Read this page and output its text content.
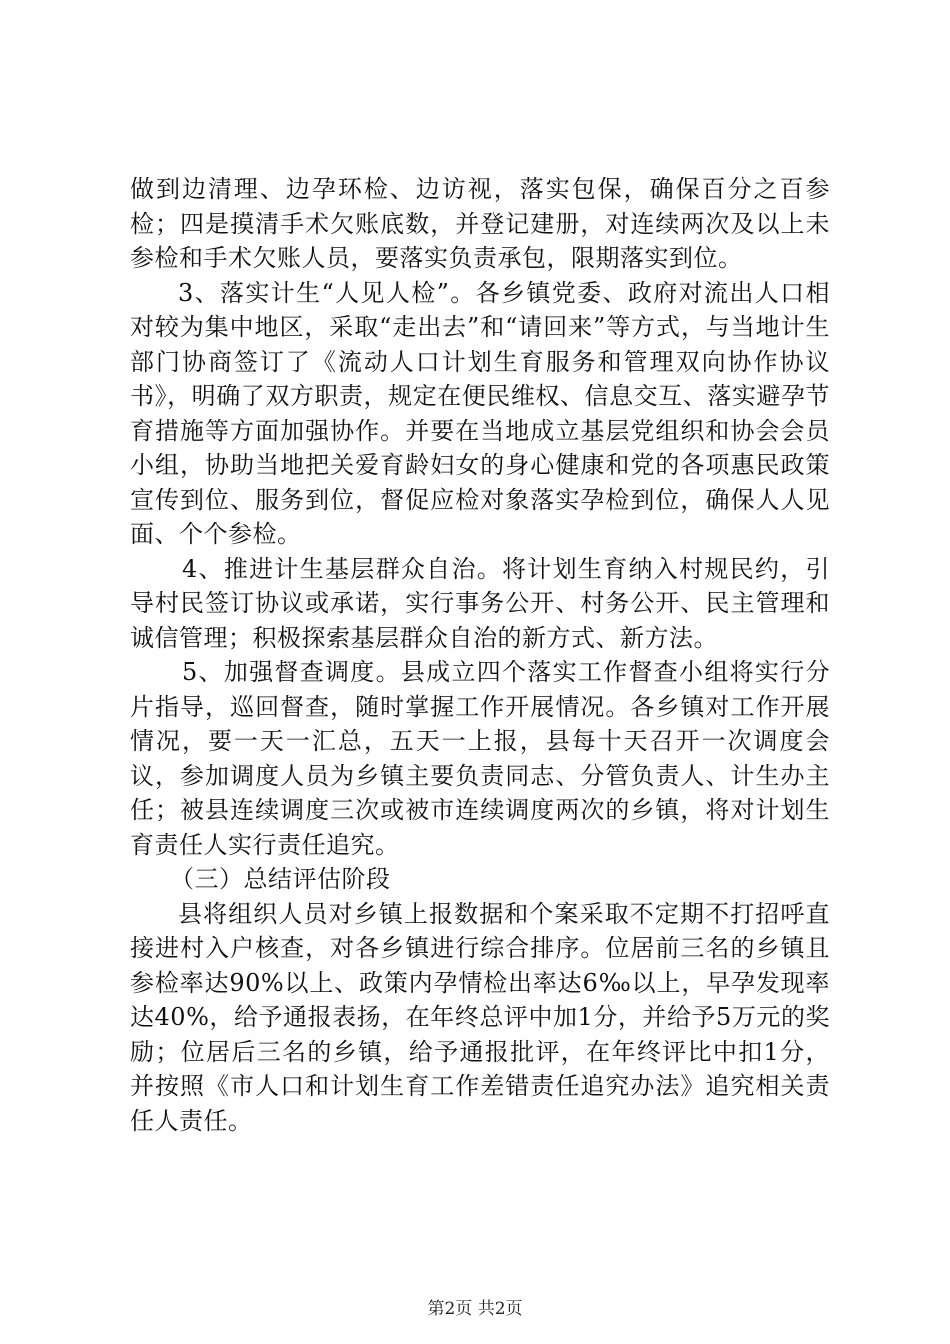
做到边清理、边孕环检、边访视，落实包保，确保百分之百参检；四是摸清手术欠账底数，并登记建册，对连续两次及以上未参检和手术欠账人员，要落实负责承包，限期落实到位。

3、落实计生“人见人检”。各乡镇党委、政府对流出人口相对较为集中地区，采取“走出去”和“请回来”等方式，与当地计生部门协商签订了《流动人口计划生育服务和管理双向协作协议书》，明确了双方职责，规定在便民维权、信息交互、落实避孕节育措施等方面加强协作。并要在当地成立基层党组织和协会会员小组，协助当地把关爱育龄妇女的身心健康和党的各项惠民政策宣传到位、服务到位，督促应检对象落实孕检到位，确保人人见面、个个参检。

4、推进计生基层群众自治。将计划生育纳入村规民约，引导村民签订协议或承诺，实行事务公开、村务公开、民主管理和诚信管理；积极探索基层群众自治的新方式、新方法。

5、加强督查调度。县成立四个落实工作督查小组将实行分片指导，巡回督查，随时掌握工作开展情况。各乡镇对工作开展情况，要一天一汇总，五天一上报，县每十天召开一次调度会议，参加调度人员为乡镇主要负责同志、分管负责人、计生办主任；被县连续调度三次或被市连续调度两次的乡镇，将对计划生育责任人实行责任追究。

（三）总结评估阶段

县将组织人员对乡镇上报数据和个案采取不定期不打招呼直接进村入户核查，对各乡镇进行综合排序。位居前三名的乡镇且参检率达90%以上、政策内孕情检出率达6‰以上，早孕发现率达40%，给予通报表扬，在年终总评中加1分，并给予5万元的奖励；位居后三名的乡镇，给予通报批评，在年终评比中扣1分，并按照《市人口和计划生育工作差错责任追究办法》追究相关责任人责任。

第2页 共2页
